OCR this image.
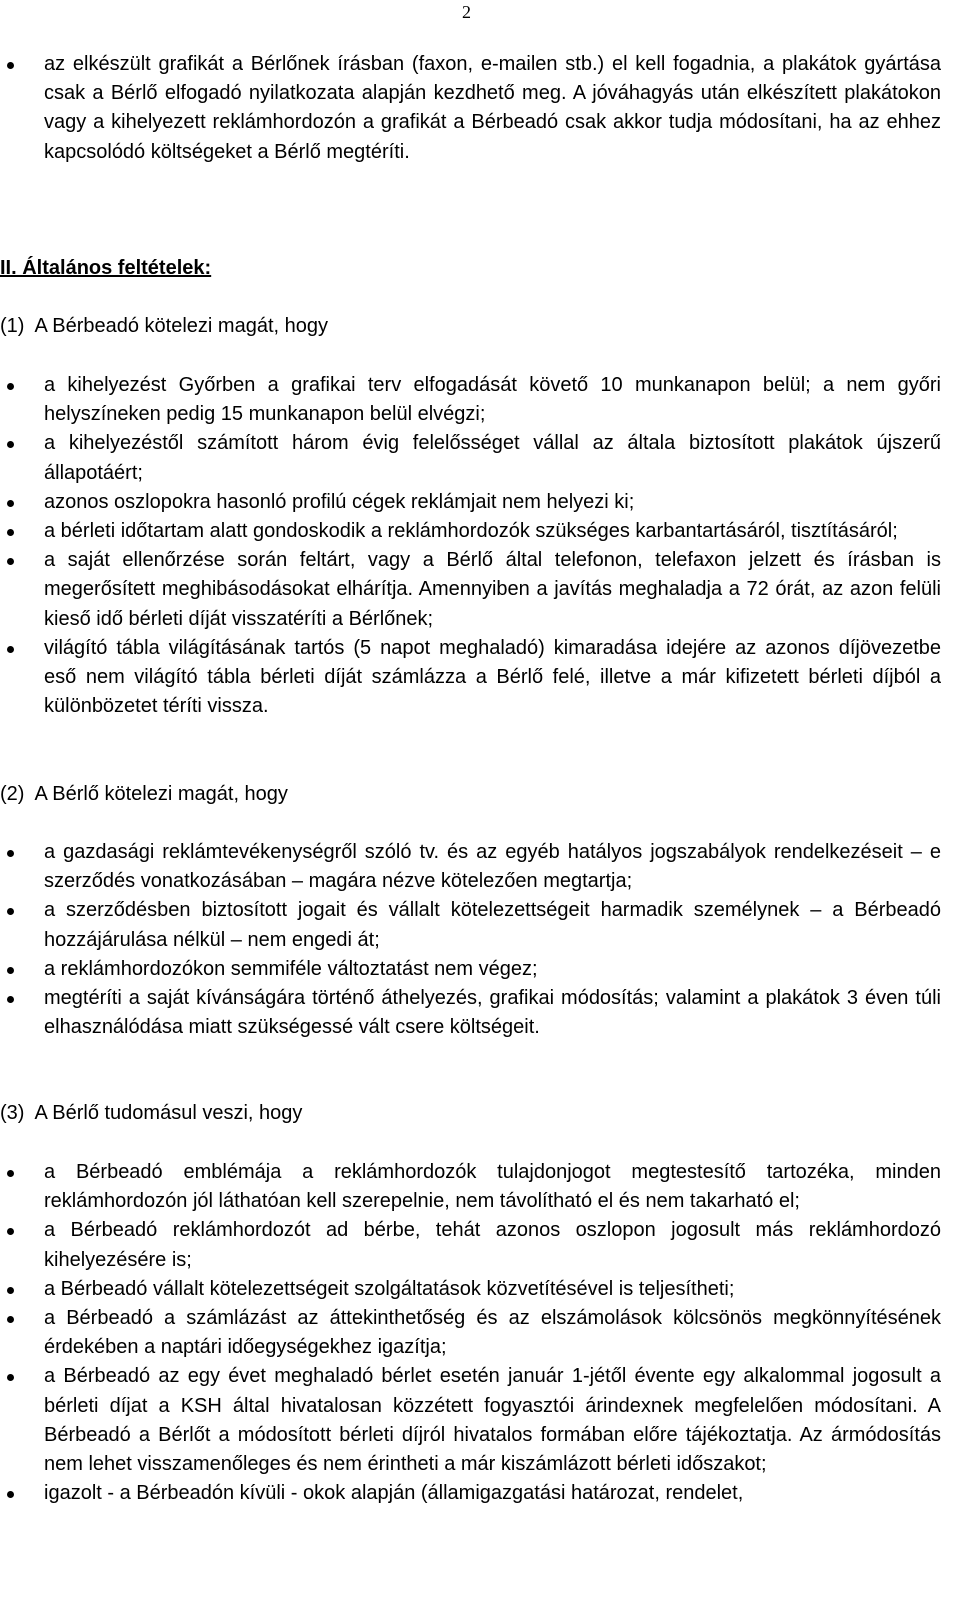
2
az elkészült grafikát a Bérlőnek írásban (faxon, e-mailen stb.) el kell fogadnia, a plakátok gyártása csak a Bérlő elfogadó nyilatkozata alapján kezdhető meg. A jóváhagyás után elkészített plakátokon vagy a kihelyezett reklámhordozón a grafikát a Bérbeadó csak akkor tudja módosítani, ha az ehhez kapcsolódó költségeket a Bérlő megtéríti.
II. Általános feltételek:
(1)  A Bérbeadó kötelezi magát, hogy
a kihelyezést Győrben a grafikai terv elfogadását követő 10 munkanapon belül; a nem győri helyszíneken pedig 15 munkanapon belül elvégzi;
a kihelyezéstől számított három évig felelősséget vállal az általa biztosított plakátok újszerű állapotáért;
azonos oszlopokra hasonló profilú cégek reklámjait nem helyezi ki;
a bérleti időtartam alatt gondoskodik a reklámhordozók szükséges karbantartásáról, tisztításáról;
a saját ellenőrzése során feltárt, vagy a Bérlő által telefonon, telefaxon jelzett és írásban is megerősített meghibásodásokat elhárítja. Amennyiben a javítás meghaladja a 72 órát, az azon felüli kieső idő bérleti díját visszatéríti a Bérlőnek;
világító tábla világításának tartós (5 napot meghaladó) kimaradása idejére az azonos díjövezetbe eső nem világító tábla bérleti díját számlázza a Bérlő felé, illetve a már kifizetett bérleti díjból a különbözetet téríti vissza.
(2)  A Bérlő kötelezi magát, hogy
a gazdasági reklámtevékenységről szóló tv. és az egyéb hatályos jogszabályok rendelkezéseit – e szerződés vonatkozásában – magára nézve kötelezően megtartja;
a szerződésben biztosított jogait és vállalt kötelezettségeit harmadik személynek – a Bérbeadó hozzájárulása nélkül – nem engedi át;
a reklámhordozókon semmiféle változtatást nem végez;
megtéríti a saját kívánságára történő áthelyezés, grafikai módosítás; valamint a plakátok 3 éven túli elhasználódása miatt szükségessé vált csere költségeit.
(3)  A Bérlő tudomásul veszi, hogy
a Bérbeadó emblémája a reklámhordozók tulajdonjogot megtestesítő tartozéka, minden reklámhordozón jól láthatóan kell szerepelnie, nem távolítható el és nem takarható el;
a Bérbeadó reklámhordozót ad bérbe, tehát azonos oszlopon jogosult más reklámhordozó kihelyezésére is;
a Bérbeadó vállalt kötelezettségeit szolgáltatások közvetítésével is teljesítheti;
a Bérbeadó a számlázást az áttekinthetőség és az elszámolások kölcsönös megkönnyítésének érdekében a naptári időegységekhez igazítja;
a Bérbeadó az egy évet meghaladó bérlet esetén január 1-jétől évente egy alkalommal jogosult a bérleti díjat a KSH által hivatalosan közzétett fogyasztói árindexnek megfelelően módosítani. A Bérbeadó a Bérlőt a módosított bérleti díjról hivatalos formában előre tájékoztatja. Az ármódosítás nem lehet visszamenőleges és nem érintheti a már kiszámlázott bérleti időszakot;
igazolt - a Bérbeadón kívüli - okok alapján (államigazgatási határozat, rendelet,
